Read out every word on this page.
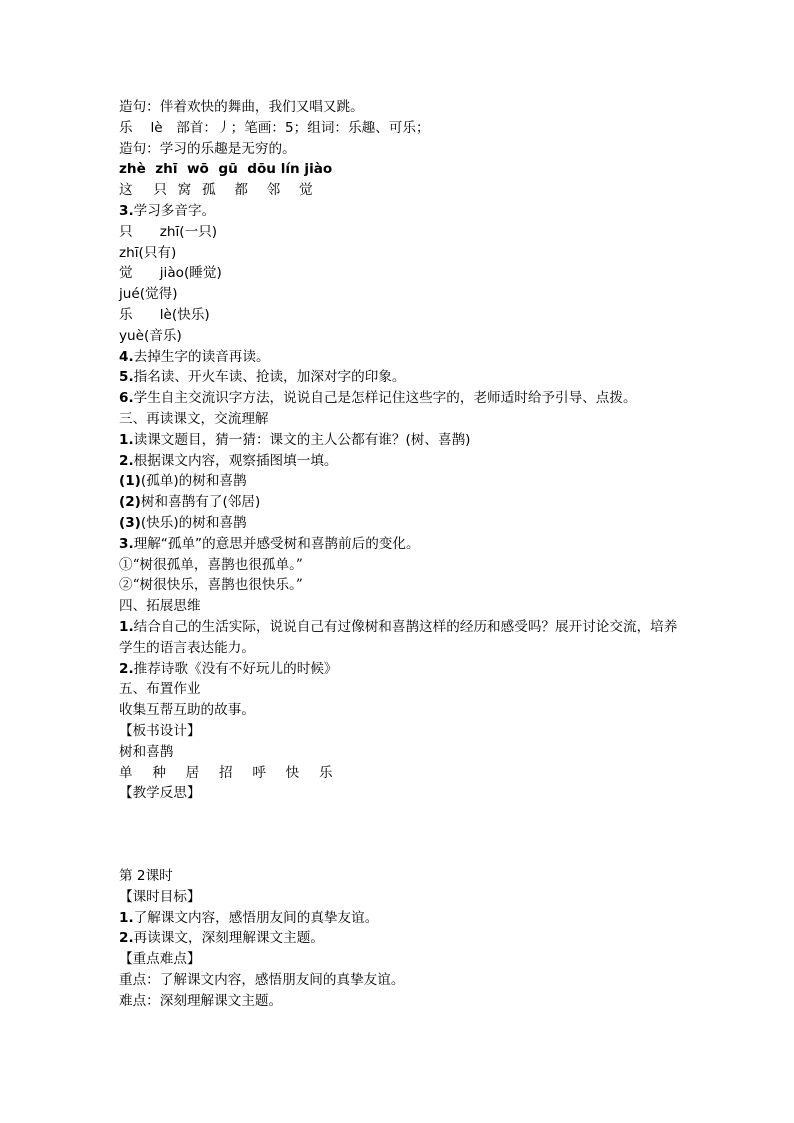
造句：伴着欢快的舞曲，我们又唱又跳。
乐　 lè　部首：丿；笔画：5；组词：乐趣、可乐；
造句：学习的乐趣是无穷的。
zhè  zhī  wō  gū  dōu lín jiào
这 只 窝 孤 都 邻 觉
3.学习多音字。
只　　zhī(一只)
zhī(只有)
觉　　jiào(睡觉)
jué(觉得)
乐　　lè(快乐)
yuè(音乐)
4.去掉生字的读音再读。
5.指名读、开火车读、抢读，加深对字的印象。
6.学生自主交流识字方法，说说自己是怎样记住这些字的，老师适时给予引导、点拨。
三、再读课文，交流理解
1.读课文题目，猜一猜：课文的主人公都有谁？(树、喜鹊)
2.根据课文内容，观察插图填一填。
(1)(孤单)的树和喜鹊
(2)树和喜鹊有了(邻居)
(3)(快乐)的树和喜鹊
3.理解“孤单”的意思并感受树和喜鹊前后的变化。
①“树很孤单，喜鹊也很孤单。”
②“树很快乐，喜鹊也很快乐。”
四、拓展思维
1.结合自己的生活实际，说说自己有过像树和喜鹊这样的经历和感受吗？展开讨论交流，培养学生的语言表达能力。
2.推荐诗歌《没有不好玩儿的时候》
五、布置作业
收集互帮互助的故事。
【板书设计】
树和喜鹊
单 种 居 招 呼 快 乐
【教学反思】
第 2课时
【课时目标】
1.了解课文内容，感悟朋友间的真挚友谊。
2.再读课文，深刻理解课文主题。
【重点难点】
重点：了解课文内容，感悟朋友间的真挚友谊。
难点：深刻理解课文主题。
